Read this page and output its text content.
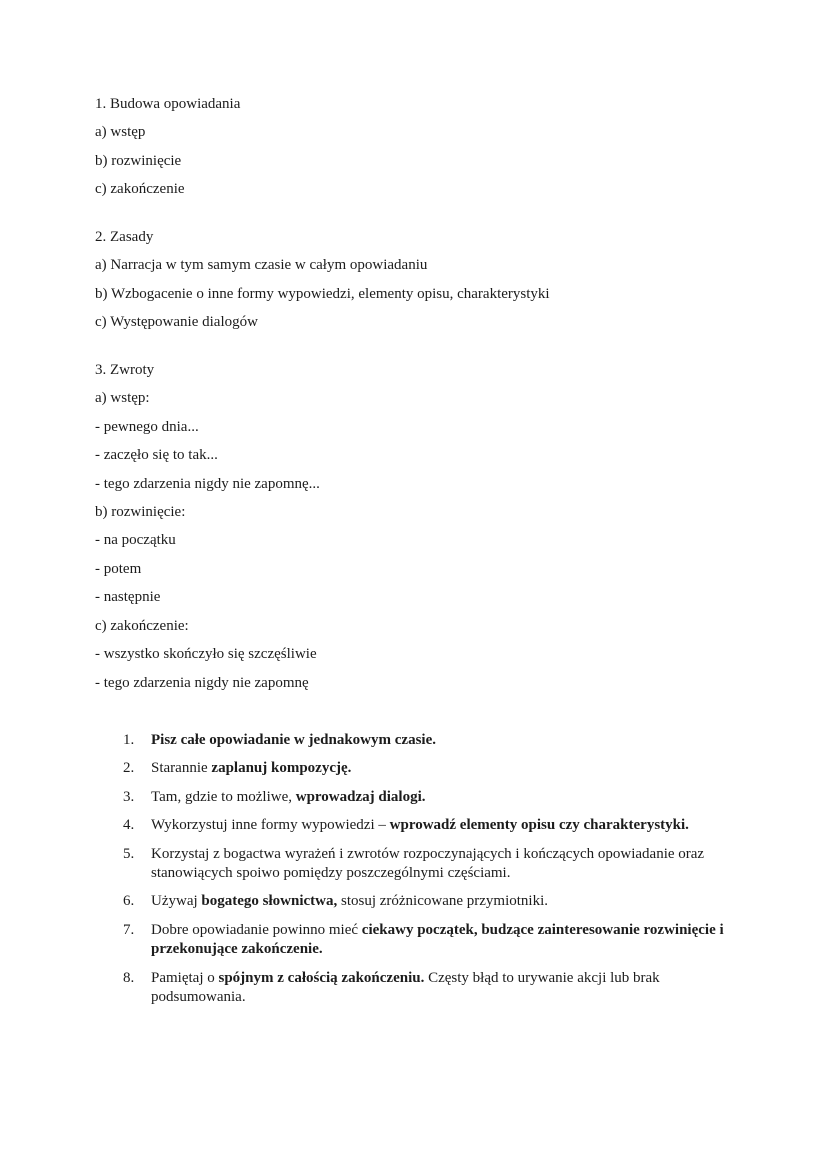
1. Budowa opowiadania

a) wstęp

b) rozwinięcie

c) zakończenie

2. Zasady

a) Narracja w tym samym czasie w całym opowiadaniu

b) Wzbogacenie o inne formy wypowiedzi, elementy opisu, charakterystyki

c) Występowanie dialogów

3. Zwroty

a) wstęp:

- pewnego dnia...

- zaczęło się to tak...

- tego zdarzenia nigdy nie zapomnę...

b) rozwinięcie:

- na początku

- potem

- następnie

c) zakończenie:

- wszystko skończyło się szczęśliwie

- tego zdarzenia nigdy nie zapomnę

1.	Pisz całe opowiadanie w jednakowym czasie.
2.	Starannie zaplanuj kompozycję.
3.	Tam, gdzie to możliwe, wprowadzaj dialogi.
4.	Wykorzystuj inne formy wypowiedzi – wprowadź elementy opisu czy charakterystyki.
5.	Korzystaj z bogactwa wyrażeń i zwrotów rozpoczynających i kończących opowiadanie oraz stanowiących spoiwo pomiędzy poszczególnymi częściami.
6.	Używaj bogatego słownictwa, stosuj zróżnicowane przymiotniki.
7.	Dobre opowiadanie powinno mieć ciekawy początek, budzące zainteresowanie rozwinięcie i przekonujące zakończenie.
8.	Pamiętaj o spójnym z całością zakończeniu. Częsty błąd to urywanie akcji lub brak podsumowania.
